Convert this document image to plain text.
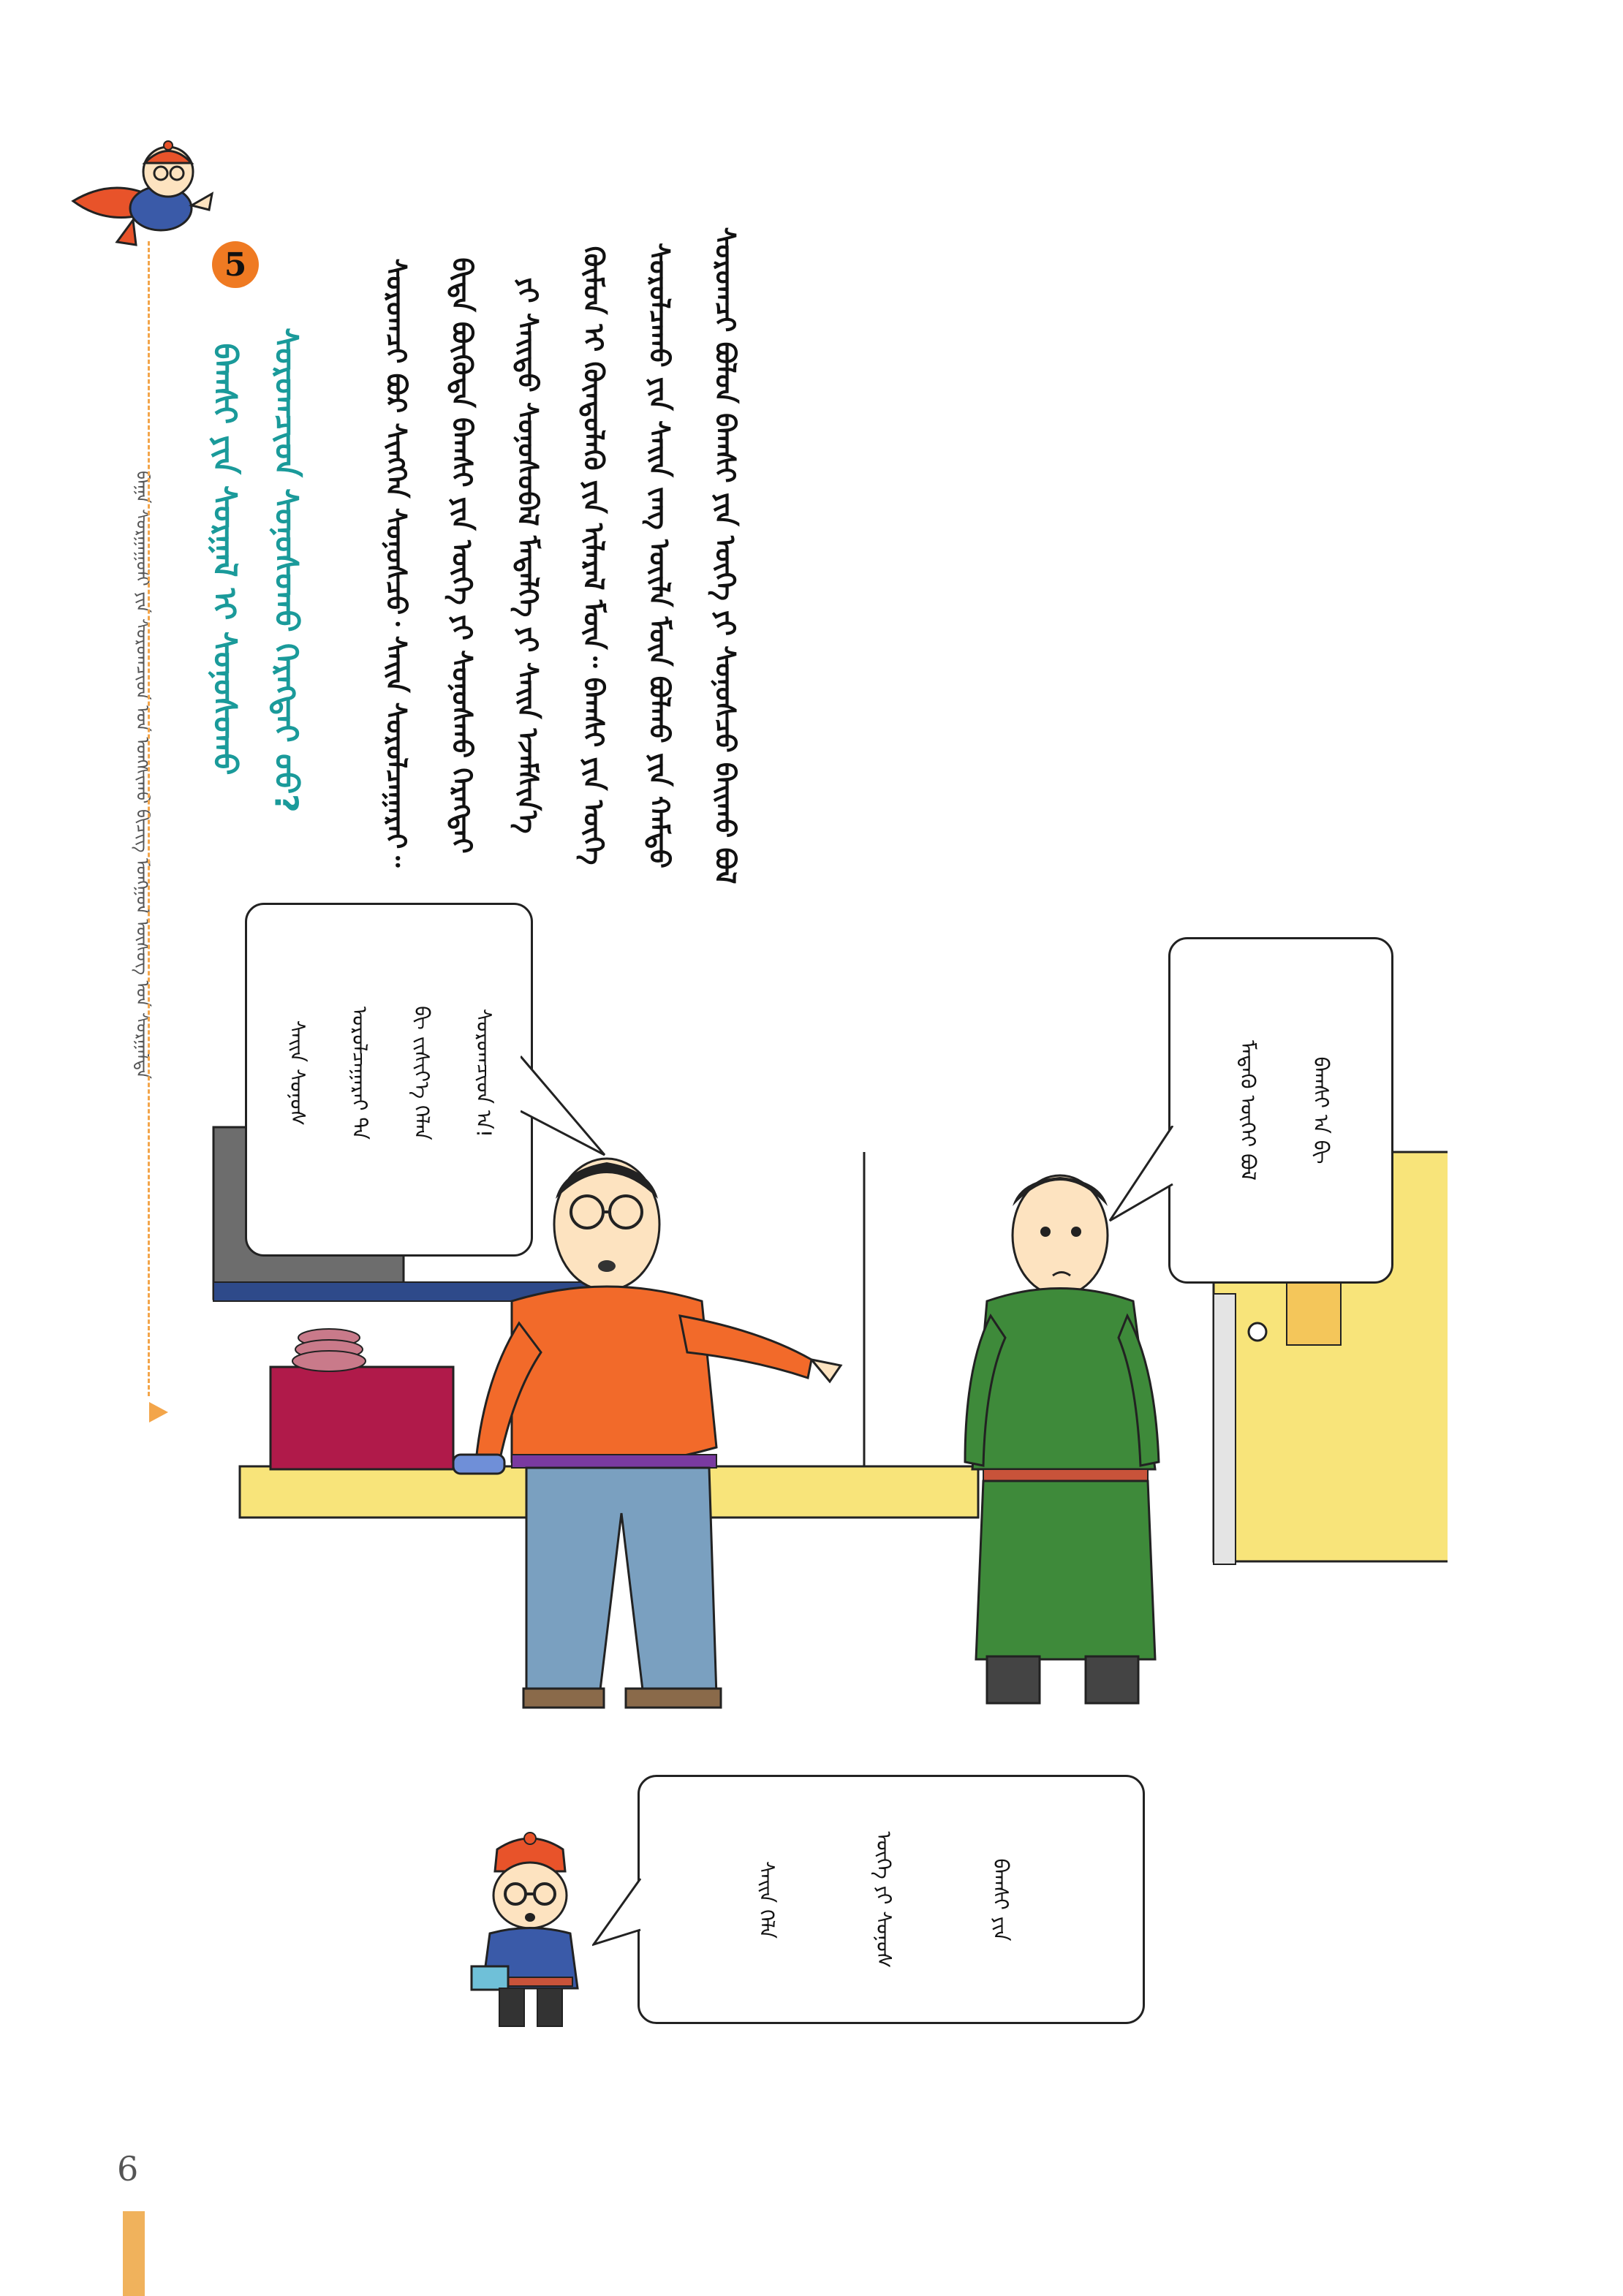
ᠪᠠᠭᠠ ᠰᠤᠷᠭᠠᠭᠤᠯᠢ ᠶᠢᠨ ᠰᠤᠷᠤᠭᠴᠢᠳ ᠤᠨ ᠤᠩᠰᠢᠬᠤ ᠪᠢᠴᠢᠭ ᠮᠣᠩᠭᠣᠯ ᠦᠰᠦᠭ ᠤᠨ ᠰᠤᠷᠭᠠᠯᠲᠠ
5
ᠪᠠᠭᠰᠢ ᠶᠢᠨ ᠰᠤᠷᠭᠠᠯ ᠢ ᠰᠣᠨᠣᠰᠣᠬᠤ ᠰᠤᠷᠤᠭᠴᠢᠳ ᠰᠣᠨᠣᠰᠣᠬᠤ ᠬᠡᠷᠡᠭᠲᠡᠢ ᠤᠤ?	ᠰᠤᠷᠤᠭᠴᠢ ᠪᠤᠯᠤᠨ ᠪᠠᠭᠰᠢ ᠶᠢᠨ ᠦᠭᠡ ᠶᠢ ᠰᠣᠨᠣᠰᠴᠤ ᠪᠠᠢᠬᠤ ᠪᠣᠯ
ᠰᠤᠷᠤᠯᠴᠠᠬᠤ ᠶᠢᠨ ᠰᠠᠢᠨ ᠵᠠᠩ ᠦᠢᠯᠡ ᠮᠦᠨ ᠪᠣᠯᠬᠤ ᠶᠢᠨ ᠬᠠᠮᠲᠤ
ᠬᠦᠮᠦᠨ ᠢ ᠬᠦᠨᠳᠦᠯᠡᠬᠦ ᠶᠢᠨ ᠢᠯᠡᠷᠡᠯ ᠮᠥᠨ᠃ ᠪᠠᠭᠰᠢ ᠶᠢᠨ ᠦᠭᠡ
ᠶᠢ ᠰᠠᠢᠲᠤ ᠰᠣᠨᠣᠰᠣᠪᠠᠯ ᠮᠡᠳᠡᠯᠭᠡ ᠶᠢ ᠰᠠᠢᠨ ᠡᠵᠡᠮᠰᠢᠨ᠎ᠡ
ᠪᠢᠳᠡ ᠪᠦᠬᠦᠳᠡ ᠪᠠᠭᠰᠢ ᠶᠢᠨ ᠦᠭᠡ ᠶᠢ ᠰᠣᠨᠣᠰᠬᠤ ᠬᠡᠷᠡᠭᠲᠡᠢ
ᠰᠤᠷᠤᠭᠴᠢ ᠪᠤᠷ ᠰᠢᠩᠭᠡᠨ ᠰᠣᠨᠣᠰᠴᠤ᠂ ᠰᠠᠢᠨ ᠰᠤᠷᠤᠯᠴᠠᠭᠠᠷᠠᠢ᠃
ᠰᠤᠷᠤᠭᠴᠢᠳ ᠠ!
ᠪᠢ ᠵᠢᠱᠢᠶ᠎ᠡ ᠬᠡᠯᠡᠨ
ᠣᠷᠤᠯᠴᠠᠭᠠᠷᠠᠢ ᠲᠠ
ᠰᠠᠢᠨ ᠰᠣᠨᠣᠰ	ᠪᠠᠭᠰᠢ ᠠ ᠪᠢ
ᠮᠡᠳᠡᠬᠦ ᠦᠭᠡᠢ ᠪᠣᠯ
ᠪᠠᠭᠰᠢ ᠶᠢᠨ
ᠦᠭᠡ ᠶᠢ ᠰᠣᠨᠣᠰ
ᠰᠠᠢᠨ ᠬᠡᠯᠡ
6
